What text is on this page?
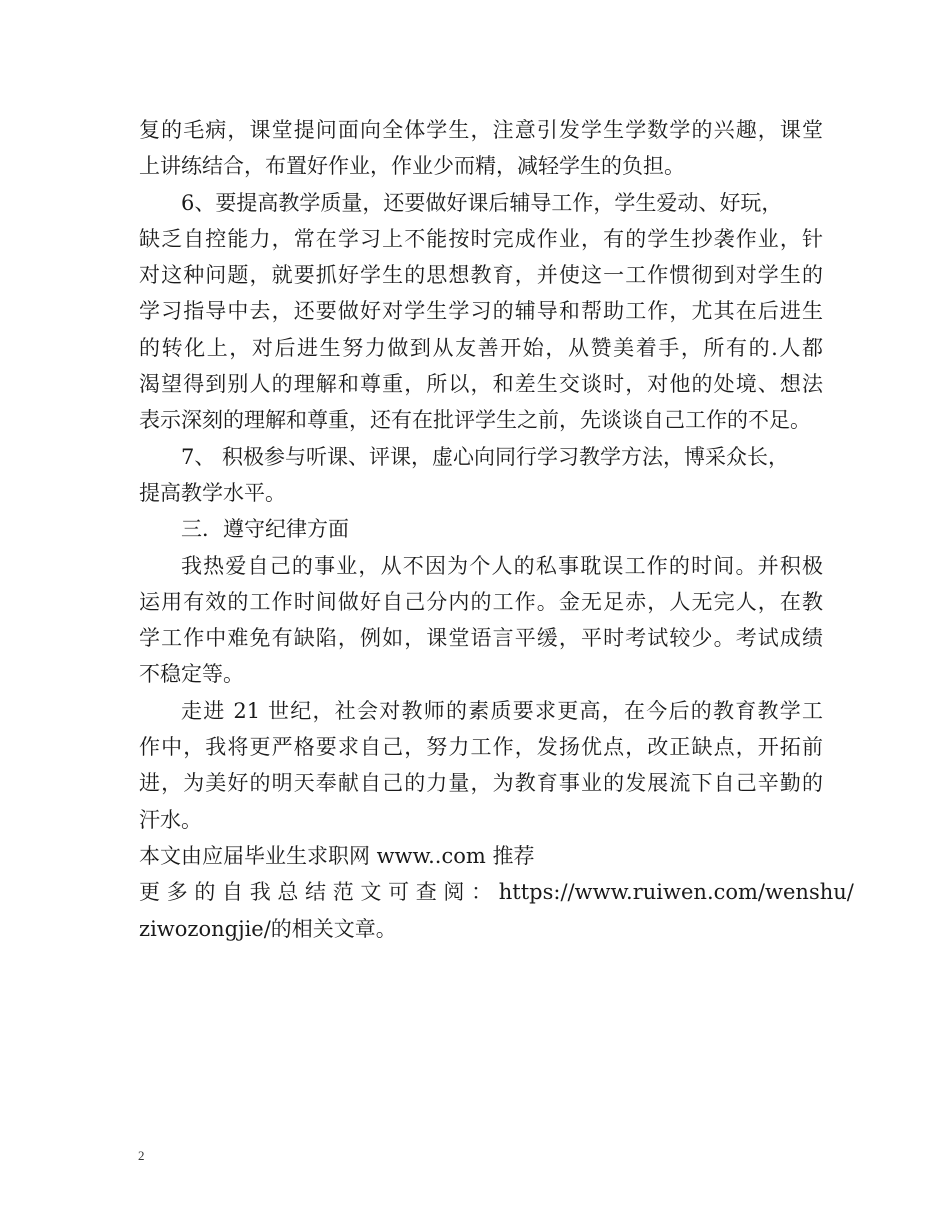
复的毛病，课堂提问面向全体学生，注意引发学生学数学的兴趣，课堂
上讲练结合，布置好作业，作业少而精，减轻学生的负担。
6、要提高教学质量，还要做好课后辅导工作，学生爱动、好玩，
缺乏自控能力，常在学习上不能按时完成作业，有的学生抄袭作业，针
对这种问题，就要抓好学生的思想教育，并使这一工作惯彻到对学生的
学习指导中去，还要做好对学生学习的辅导和帮助工作，尤其在后进生
的转化上，对后进生努力做到从友善开始，从赞美着手，所有的.人都
渴望得到别人的理解和尊重，所以，和差生交谈时，对他的处境、想法
表示深刻的理解和尊重，还有在批评学生之前，先谈谈自己工作的不足。
7、 积极参与听课、评课，虚心向同行学习教学方法，博采众长，
提高教学水平。
三．遵守纪律方面
我热爱自己的事业，从不因为个人的私事耽误工作的时间。并积极
运用有效的工作时间做好自己分内的工作。金无足赤，人无完人，在教
学工作中难免有缺陷，例如，课堂语言平缓，平时考试较少。考试成绩
不稳定等。
走进 21 世纪，社会对教师的素质要求更高，在今后的教育教学工
作中，我将更严格要求自己，努力工作，发扬优点，改正缺点，开拓前
进，为美好的明天奉献自己的力量，为教育事业的发展流下自己辛勤的
汗水。
本文由应届毕业生求职网 www..com 推荐
更 多 的 自 我 总 结 范 文 可 查 阅 ： https://www.ruiwen.com/wenshu/
ziwozongjie/的相关文章。
2
